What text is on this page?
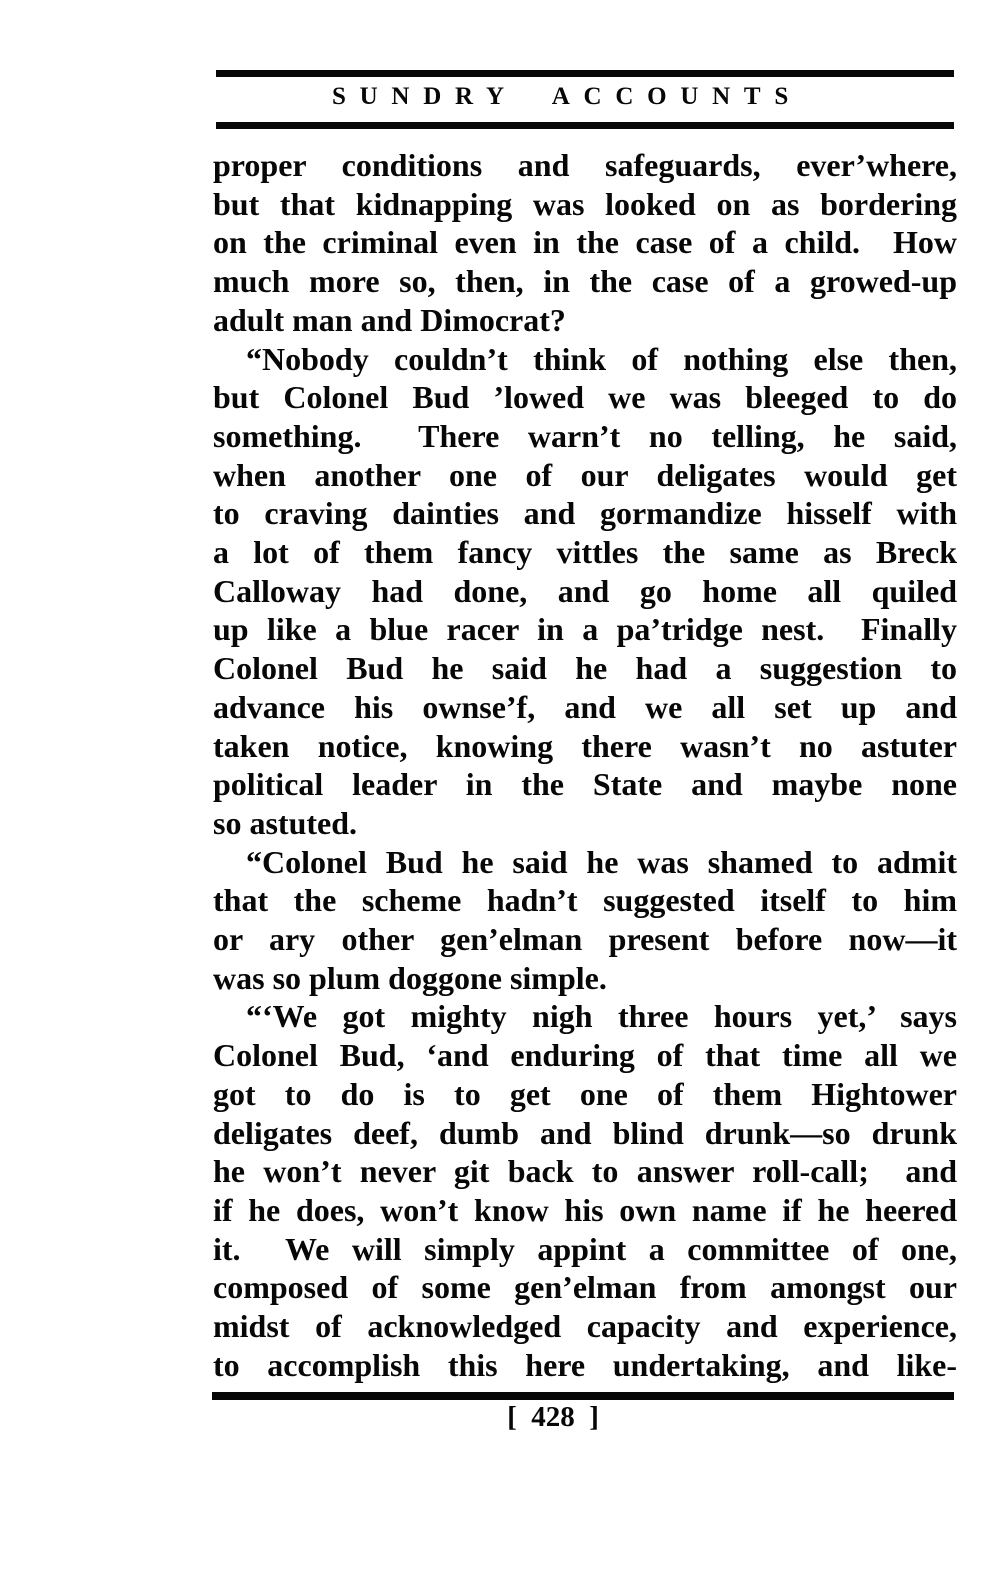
SUNDRY ACCOUNTS
proper conditions and safeguards, ever’where,
but that kidnapping was looked on as bordering
on the criminal even in the case of a child.  How
much more so, then, in the case of a growed-up
adult man and Dimocrat?
“Nobody couldn’t think of nothing else then,
but Colonel Bud ’lowed we was bleeged to do
something.  There warn’t no telling, he said,
when another one of our deligates would get
to craving dainties and gormandize hisself with
a lot of them fancy vittles the same as Breck
Calloway had done, and go home all quiled
up like a blue racer in a pa’tridge nest.  Finally
Colonel Bud he said he had a suggestion to
advance his ownse’f, and we all set up and
taken notice, knowing there wasn’t no astuter
political leader in the State and maybe none
so astuted.
“Colonel Bud he said he was shamed to admit
that the scheme hadn’t suggested itself to him
or ary other gen’elman present before now—it
was so plum doggone simple.
“‘We got mighty nigh three hours yet,’ says
Colonel Bud, ‘and enduring of that time all we
got to do is to get one of them Hightower
deligates deef, dumb and blind drunk—so drunk
he won’t never git back to answer roll-call;  and
if he does, won’t know his own name if he heered
it.  We will simply appint a committee of one,
composed of some gen’elman from amongst our
midst of acknowledged capacity and experience,
to accomplish this here undertaking, and like-
[ 428 ]
